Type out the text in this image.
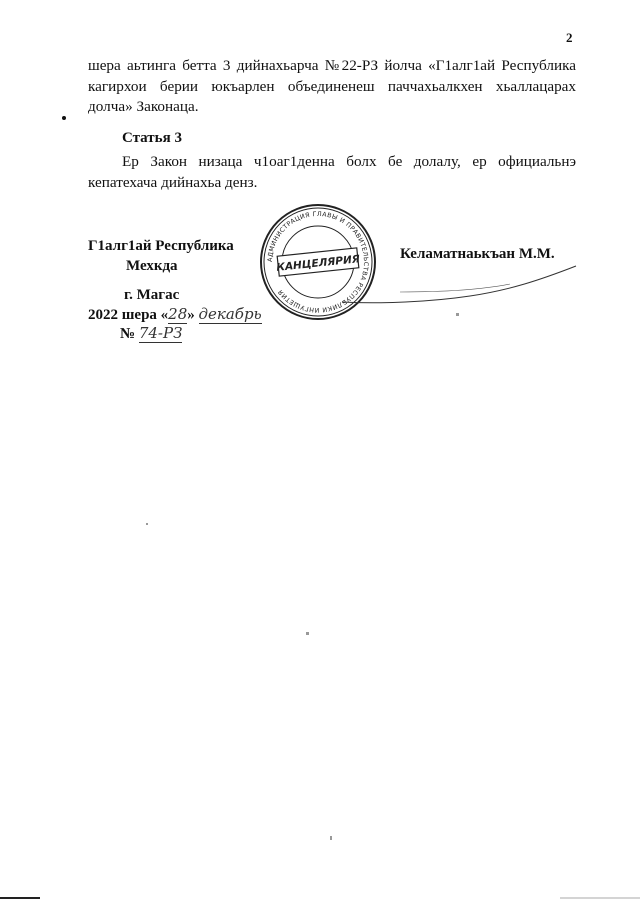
2
шера аьтинга бетта 3 дийнахьарча №22-РЗ йолча «Г1алг1ай Республика
кагирхои берии юкъарлен объединенеш паччахьалкхен хьаллацарах
долча» Законаца.
Статья 3
Ер Закон низаца ч1оаг1денна болх бе долалу, ер официальнэ
кепатехача дийнахьа денз.
Г1алг1ай Республика
Мехкда	АДМИНИСТРАЦИЯ ГЛАВЫ И ПРАВИТЕЛЬСТВА РЕСПУБЛИКИ ИНГУШЕТИЯ
КАНЦЕЛЯРИЯ	Келаматнаькъан М.М.
г. Магас
2022 шера «28» декабрь
№ 74-РЗ
